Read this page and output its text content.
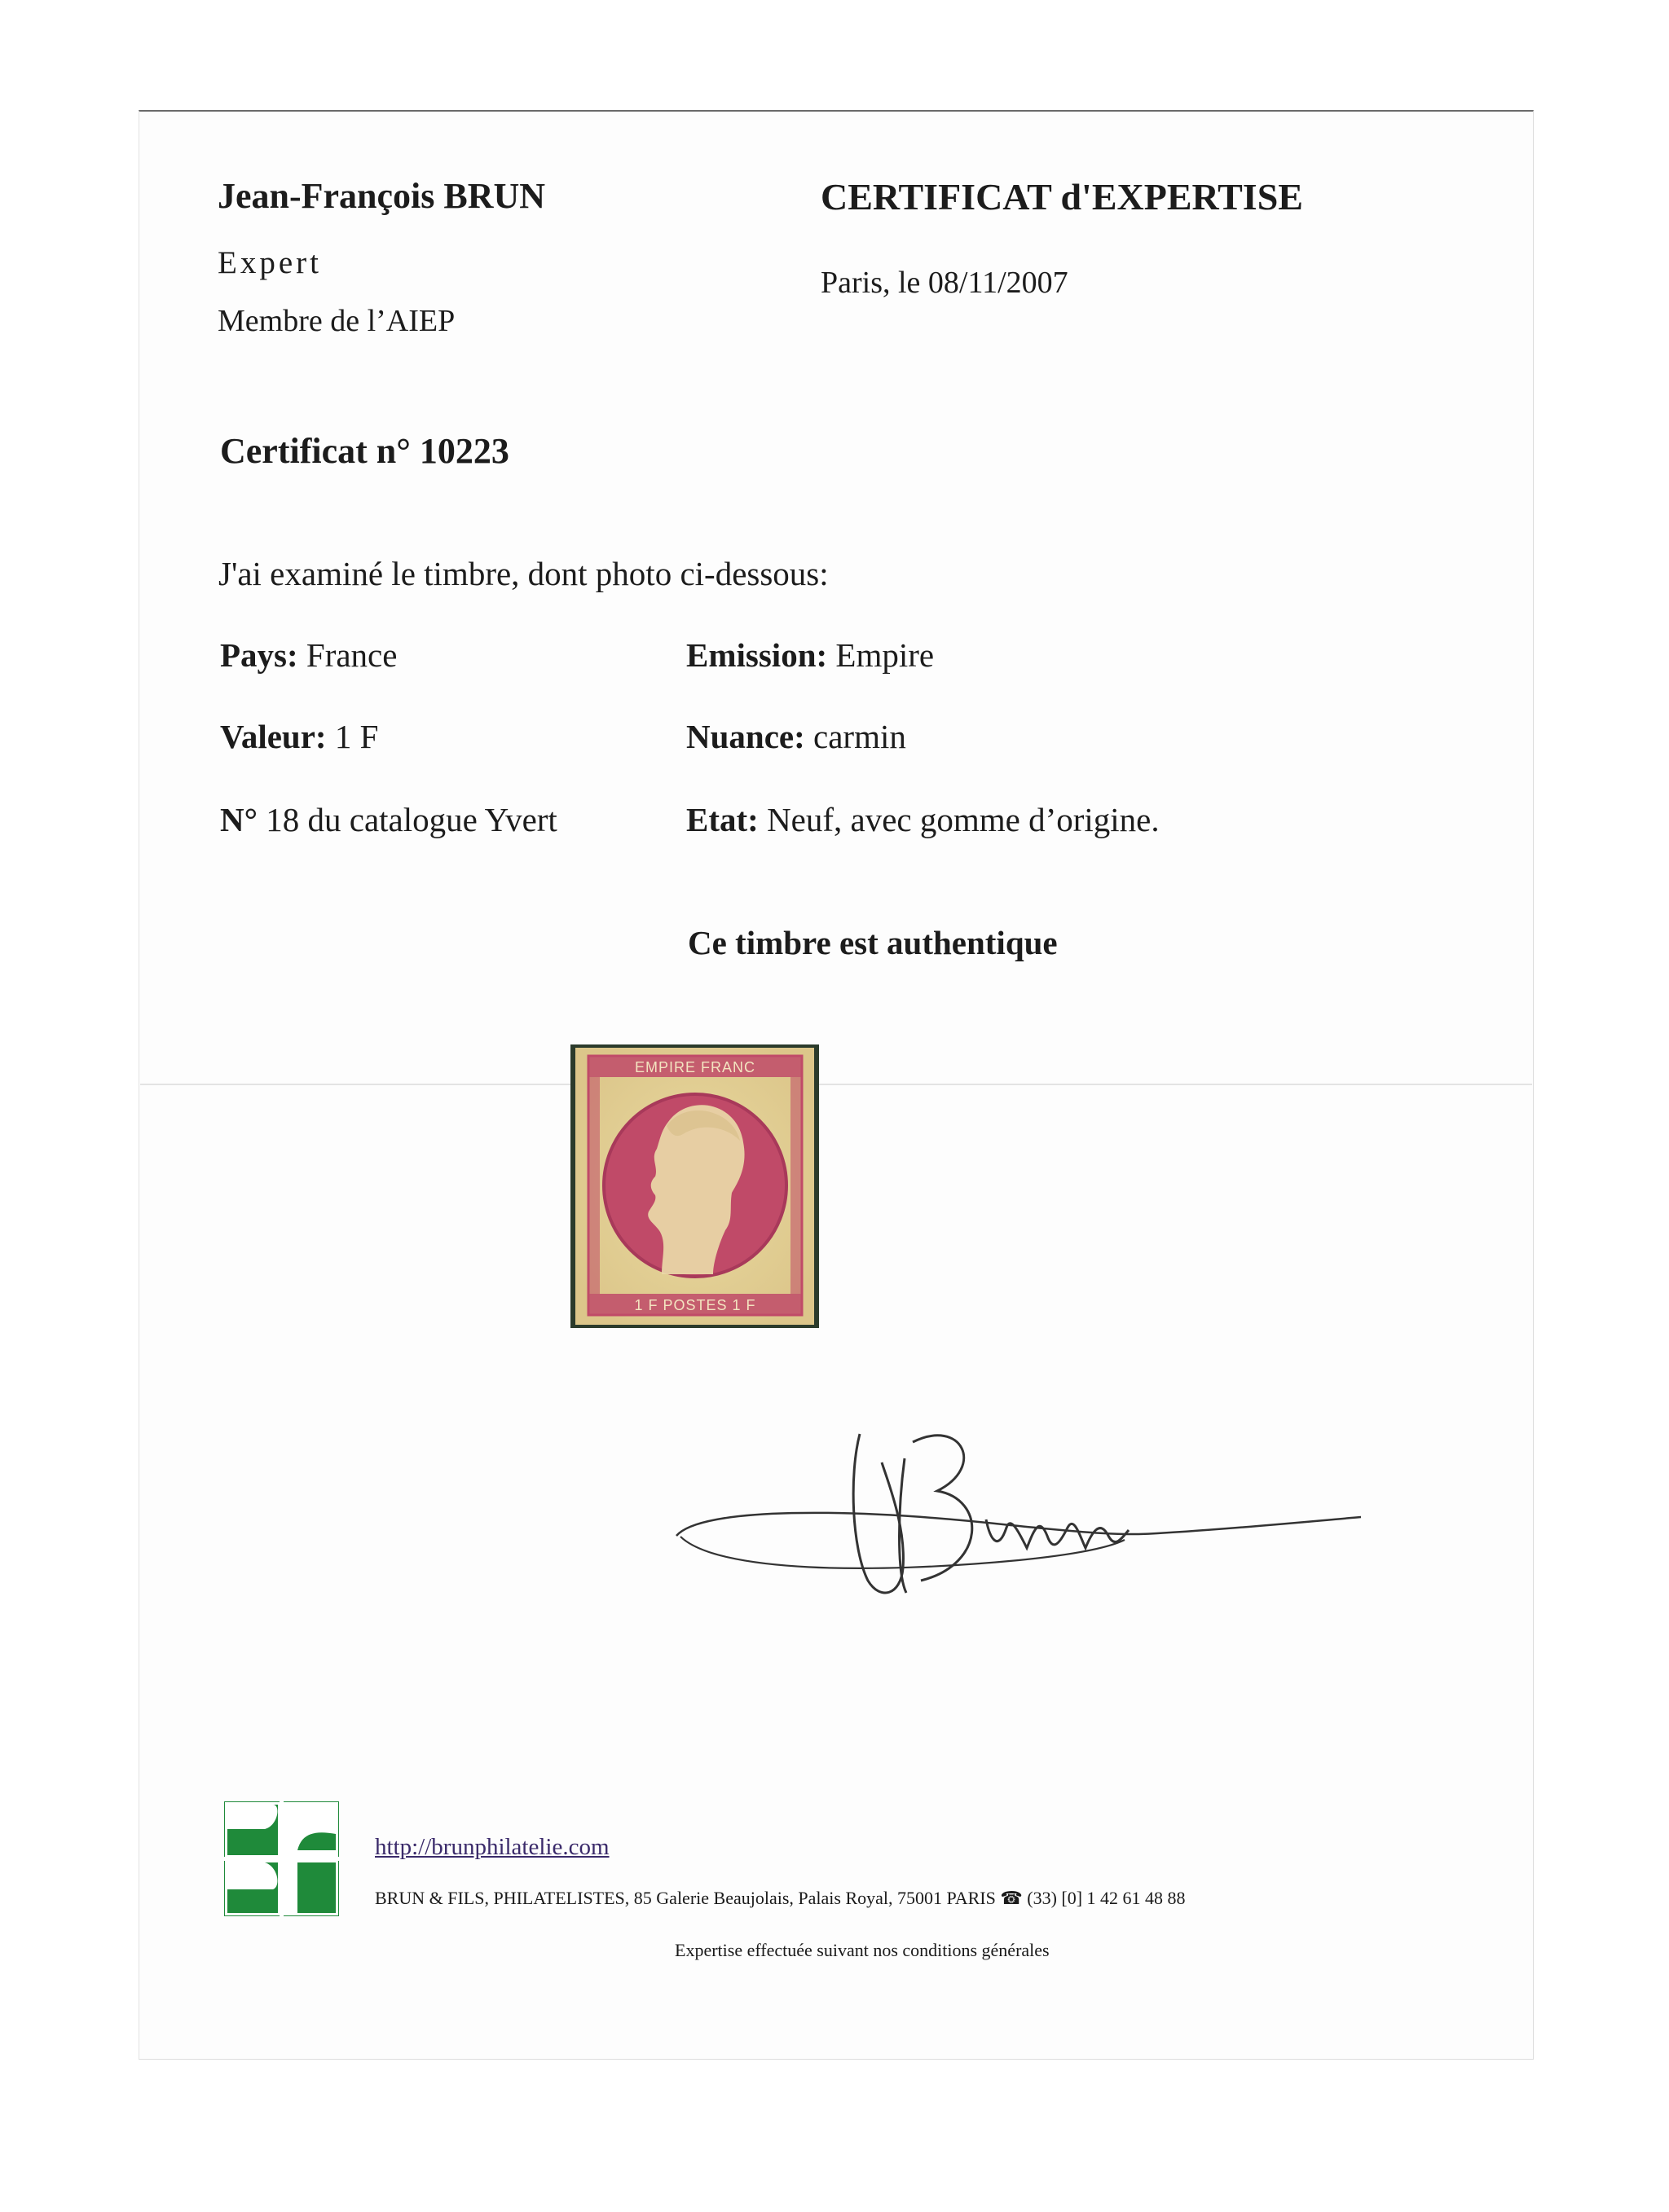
Jean-François BRUN
Expert
Membre de l’AIEP
CERTIFICAT d'EXPERTISE
Paris, le 08/11/2007
Certificat n° 10223
J'ai examiné le timbre, dont photo ci-dessous:
Pays: France	Emission: Empire
Valeur: 1 F	Nuance: carmin
N° 18 du catalogue Yvert	Etat: Neuf, avec gomme d’origine.
Ce timbre est authentique
EMPIRE FRANC
1 F POSTES 1 F
http://brunphilatelie.com
BRUN & FILS, PHILATELISTES, 85 Galerie Beaujolais, Palais Royal, 75001 PARIS ☎ (33) [0] 1 42 61 48 88
Expertise effectuée suivant nos conditions générales
